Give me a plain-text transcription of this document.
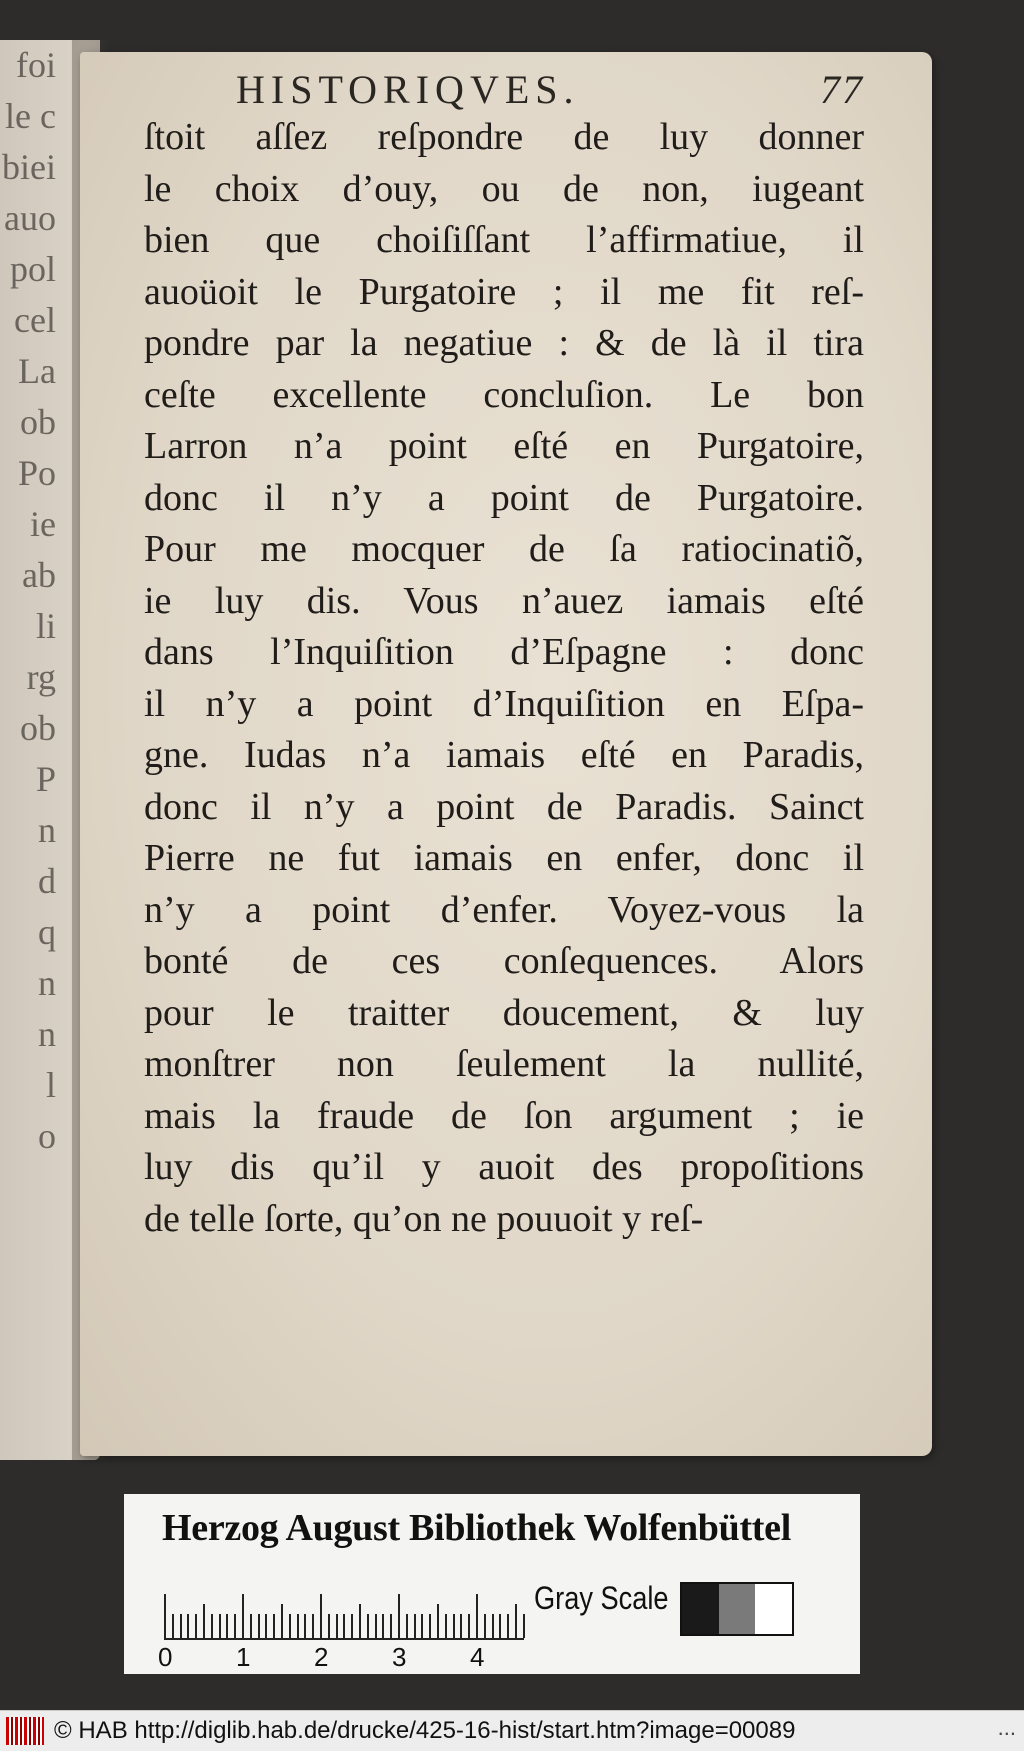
foi
le c
biei
auo
pol
cel
La
ob
Po
ie
ab
li
rg
ob
P
n
d
q
n
n
l
o
HISTORIQVES.	77
ſtoit aſſez reſpondre de luy donner
le choix d’ouy, ou de non, iugeant
bien que choiſiſſant l’affirmatiue, il
auoüoit le Purgatoire ; il me fit reſ-
pondre par la negatiue : & de là il tira
ceſte excellente concluſion. Le bon
Larron n’a point eſté en Purgatoire,
donc il n’y a point de Purgatoire.
Pour me mocquer de ſa ratiocinatiõ,
ie luy dis. Vous n’auez iamais eſté
dans l’Inquiſition d’Eſpagne : donc
il n’y a point d’Inquiſition en Eſpa-
gne. Iudas n’a iamais eſté en Paradis,
donc il n’y a point de Paradis. Sainct
Pierre ne fut iamais en enfer, donc il
n’y a point d’enfer. Voyez-vous la
bonté de ces conſequences. Alors
pour le traitter doucement, & luy
monſtrer non ſeulement la nullité,
mais la fraude de ſon argument ; ie
luy dis qu’il y auoit des propoſitions
de telle ſorte, qu’on ne pouuoit y reſ-
Herzog August Bibliothek Wolfenbüttel
0 1 2 3 4
Gray Scale
© HAB http://diglib.hab.de/drucke/425-16-hist/start.htm?image=00089	...
